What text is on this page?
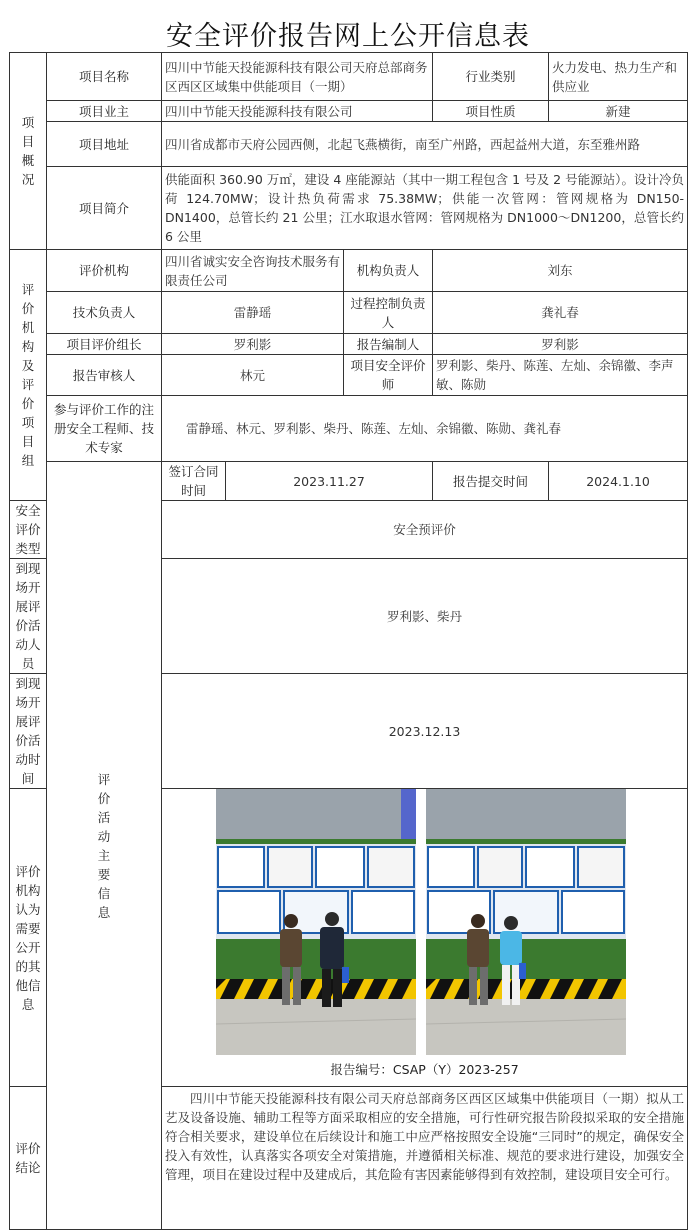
安全评价报告网上公开信息表
项目概况	项目名称	四川中节能天投能源科技有限公司天府总部商务区西区区域集中供能项目（一期）			行业类别	火力发电、热力生产和供应业
	项目业主	四川中节能天投能源科技有限公司			项目性质	新建
	项目地址	四川省成都市天府公园西侧，北起飞燕横街，南至广州路，西起益州大道，东至雅州路				
	项目简介	供能面积 360.90 万㎡，建设 4 座能源站（其中一期工程包含 1 号及 2 号能源站）。设计冷负荷 124.70MW；设计热负荷需求 75.38MW；供能一次管网：管网规格为 DN150-DN1400，总管长约 21 公里；江水取退水管网：管网规格为 DN1000～DN1200，总管长约 6 公里				

评价机构及评价项目组	评价机构	四川省诚实安全咨询技术服务有限责任公司		机构负责人	刘东	
	技术负责人	雷静瑶		过程控制负责人	龚礼春	
	项目评价组长	罗利影		报告编制人	罗利影	
	报告审核人	林元		项目安全评价师	罗利影、柴丹、陈莲、左灿、余锦徽、李声敏、陈勋	
	参与评价工作的注册安全工程师、技术专家	雷静瑶、林元、罗利影、柴丹、陈莲、左灿、余锦徽、陈勋、龚礼春				

	评价活动主要信息	签订合同时间	2023.11.27		报告提交时间	2024.1.10
安全评价类型		安全预评价				
到现场开展评价活动人员		罗利影、柴丹				
到现场开展评价活动时间		2023.12.13				
评价机构认为需要公开的其他信息		报告编号：CSAP（Y）2023-257				

评价结论		四川中节能天投能源科技有限公司天府总部商务区西区区域集中供能项目（一期）拟从工艺及设备设施、辅助工程等方面采取相应的安全措施，可行性研究报告阶段拟采取的安全措施符合相关要求，建设单位在后续设计和施工中应严格按照安全设施“三同时”的规定，确保安全投入有效性，认真落实各项安全对策措施，并遵循相关标准、规范的要求进行建设，加强安全管理，项目在建设过程中及建成后，其危险有害因素能够得到有效控制，建设项目安全可行。				
